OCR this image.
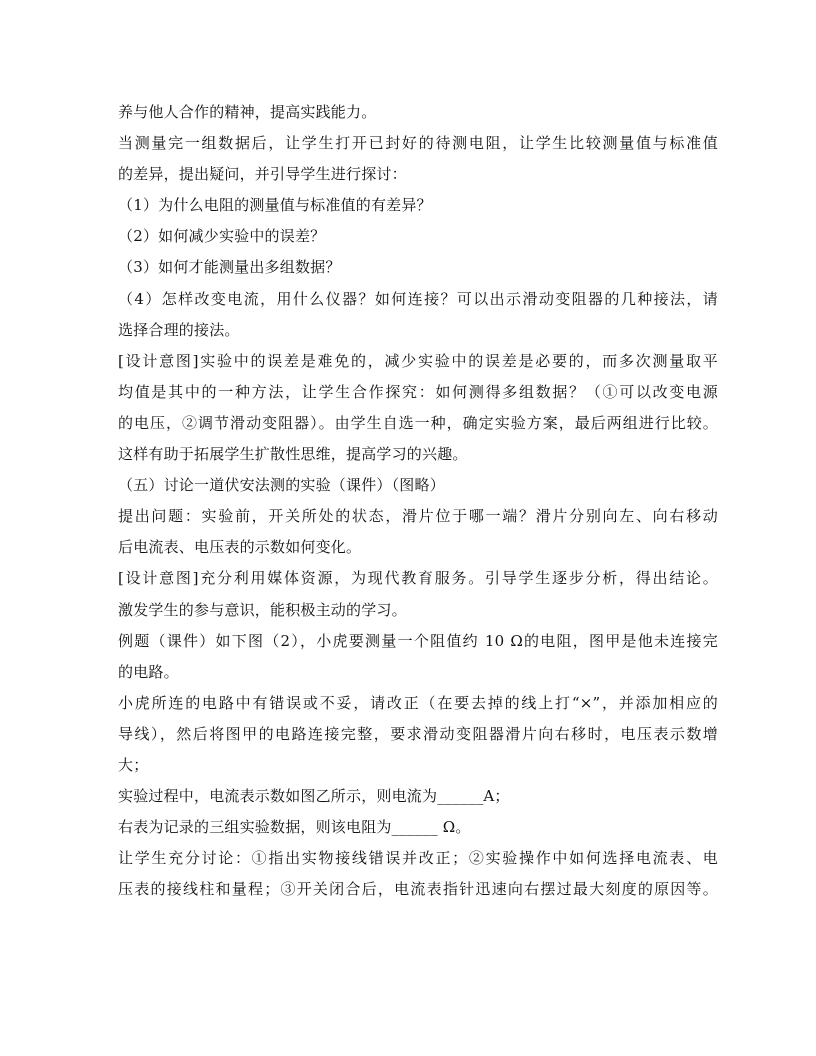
养与他人合作的精神，提高实践能力。
当测量完一组数据后，让学生打开已封好的待测电阻，让学生比较测量值与标准值
的差异，提出疑问，并引导学生进行探讨：
（1）为什么电阻的测量值与标准值的有差异？
（2）如何减少实验中的误差？
（3）如何才能测量出多组数据？
（4）怎样改变电流，用什么仪器？如何连接？可以出示滑动变阻器的几种接法，请
选择合理的接法。
[设计意图]实验中的误差是难免的，减少实验中的误差是必要的，而多次测量取平
均值是其中的一种方法，让学生合作探究：如何测得多组数据？（①可以改变电源
的电压，②调节滑动变阻器）。由学生自选一种，确定实验方案，最后两组进行比较。
这样有助于拓展学生扩散性思维，提高学习的兴趣。
（五）讨论一道伏安法测的实验（课件）（图略）
提出问题：实验前，开关所处的状态，滑片位于哪一端？滑片分别向左、向右移动
后电流表、电压表的示数如何变化。
[设计意图]充分利用媒体资源，为现代教育服务。引导学生逐步分析，得出结论。
激发学生的参与意识，能积极主动的学习。
例题（课件）如下图（2），小虎要测量一个阻值约 10 Ω的电阻，图甲是他未连接完
的电路。
小虎所连的电路中有错误或不妥，请改正（在要去掉的线上打“×”，并添加相应的
导线），然后将图甲的电路连接完整，要求滑动变阻器滑片向右移时，电压表示数增
大；
实验过程中，电流表示数如图乙所示，则电流为______A；
右表为记录的三组实验数据，则该电阻为______ Ω。
让学生充分讨论：①指出实物接线错误并改正；②实验操作中如何选择电流表、电
压表的接线柱和量程；③开关闭合后，电流表指针迅速向右摆过最大刻度的原因等。
